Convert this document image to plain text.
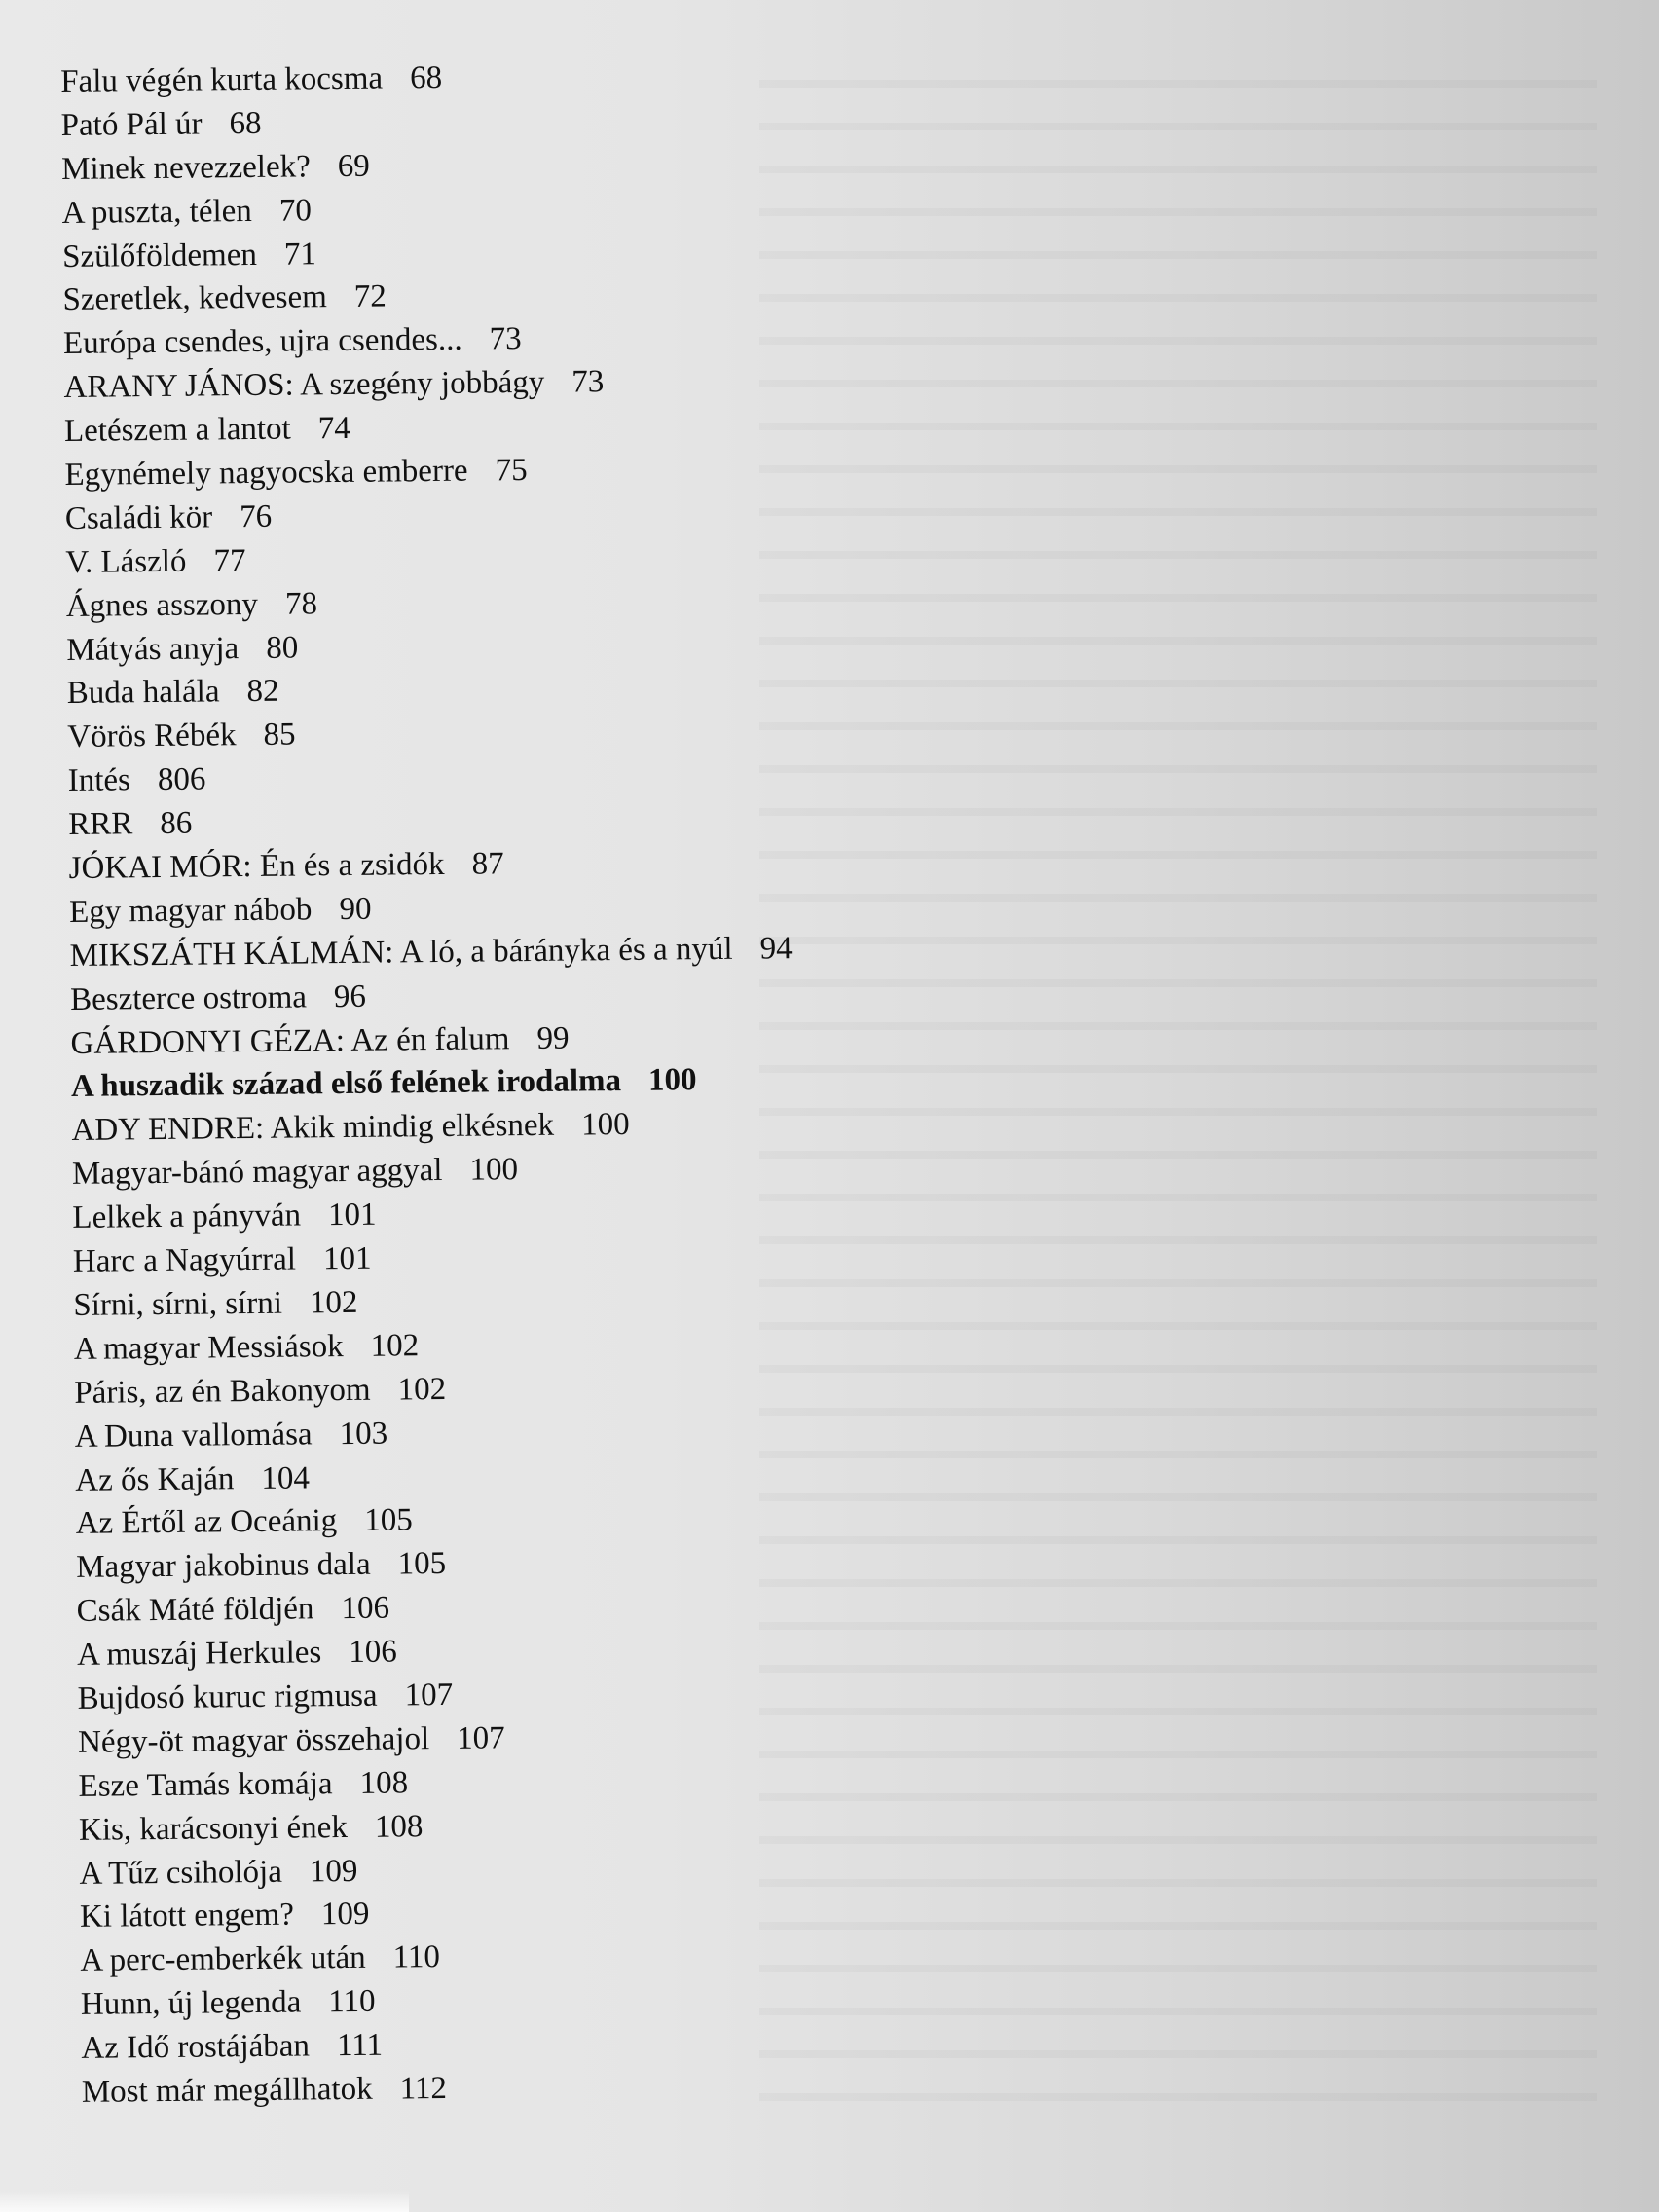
Falu végén kurta kocsma 68
Pató Pál úr 68
Minek nevezzelek? 69
A puszta, télen 70
Szülőföldemen 71
Szeretlek, kedvesem 72
Európa csendes, ujra csendes... 73
ARANY JÁNOS: A szegény jobbágy 73
Letészem a lantot 74
Egynémely nagyocska emberre 75
Családi kör 76
V. László 77
Ágnes asszony 78
Mátyás anyja 80
Buda halála 82
Vörös Rébék 85
Intés 806
RRR 86
JÓKAI MÓR: Én és a zsidók 87
Egy magyar nábob 90
MIKSZÁTH KÁLMÁN: A ló, a bárányka és a nyúl 94
Beszterce ostroma 96
GÁRDONYI GÉZA: Az én falum 99
A huszadik század első felének irodalma 100
ADY ENDRE: Akik mindig elkésnek 100
Magyar-bánó magyar aggyal 100
Lelkek a pányván 101
Harc a Nagyúrral 101
Sírni, sírni, sírni 102
A magyar Messiások 102
Páris, az én Bakonyom 102
A Duna vallomása 103
Az ős Kaján 104
Az Értől az Oceánig 105
Magyar jakobinus dala 105
Csák Máté földjén 106
A muszáj Herkules 106
Bujdosó kuruc rigmusa 107
Négy-öt magyar összehajol 107
Esze Tamás komája 108
Kis, karácsonyi ének 108
A Tűz csiholója 109
Ki látott engem? 109
A perc-emberkék után 110
Hunn, új legenda 110
Az Idő rostájában 111
Most már megállhatok 112
